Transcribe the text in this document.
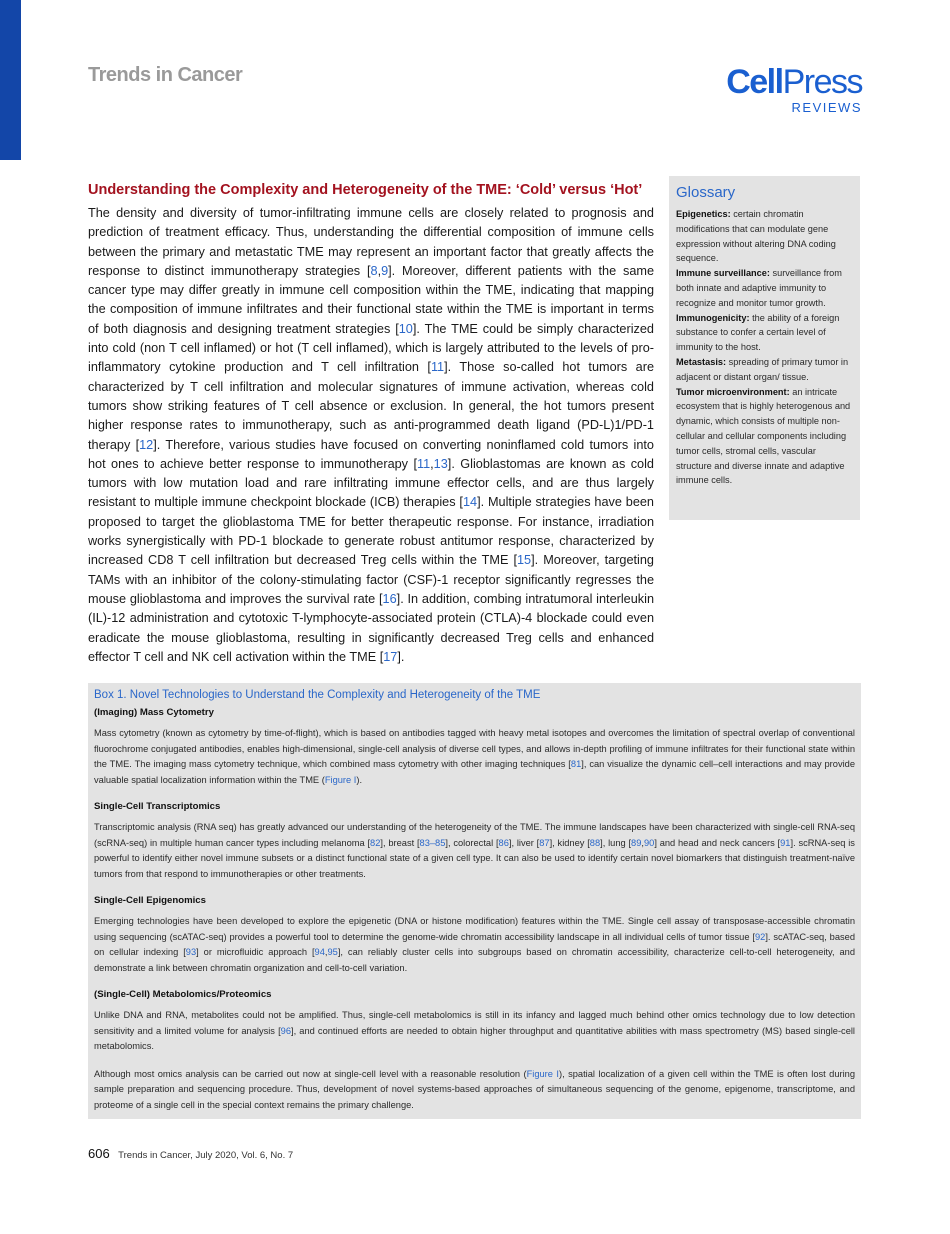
Trends in Cancer	CellPress
REVIEWS
Understanding the Complexity and Heterogeneity of the TME: ‘Cold’ versus ‘Hot’

The density and diversity of tumor-infiltrating immune cells are closely related to prognosis and prediction of treatment efficacy. Thus, understanding the differential composition of immune cells between the primary and metastatic TME may represent an important factor that greatly affects the response to distinct immunotherapy strategies [8,9]. Moreover, different patients with the same cancer type may differ greatly in immune cell composition within the TME, indicating that mapping the composition of immune infiltrates and their functional state within the TME is important in terms of both diagnosis and designing treatment strategies [10]. The TME could be simply characterized into cold (non T cell inflamed) or hot (T cell inflamed), which is largely attributed to the levels of pro-inflammatory cytokine production and T cell infiltration [11]. Those so-called hot tumors are characterized by T cell infiltration and molecular signatures of immune activation, whereas cold tumors show striking features of T cell absence or exclusion. In general, the hot tumors present higher response rates to immunotherapy, such as anti-programmed death ligand (PD-L)1/PD-1 therapy [12]. Therefore, various studies have focused on converting noninflamed cold tumors into hot ones to achieve better response to immunotherapy [11,13]. Glioblastomas are known as cold tumors with low mutation load and rare infiltrating immune effector cells, and are thus largely resistant to multiple immune checkpoint blockade (ICB) therapies [14]. Multiple strategies have been proposed to target the glioblastoma TME for better therapeutic response. For instance, irradiation works synergistically with PD-1 blockade to generate robust antitumor response, characterized by increased CD8 T cell infiltration but decreased Treg cells within the TME [15]. Moreover, targeting TAMs with an inhibitor of the colony-stimulating factor (CSF)-1 receptor significantly regresses the mouse glioblastoma and improves the survival rate [16]. In addition, combing intratumoral interleukin (IL)-12 administration and cytotoxic T-lymphocyte-associated protein (CTLA)-4 blockade could even eradicate the mouse glioblastoma, resulting in significantly decreased Treg cells and enhanced effector T cell and NK cell activation within the TME [17].

Glossary
Epigenetics: certain chromatin modifications that can modulate gene expression without altering DNA coding sequence.
Immune surveillance: surveillance from both innate and adaptive immunity to recognize and monitor tumor growth.
Immunogenicity: the ability of a foreign substance to confer a certain level of immunity to the host.
Metastasis: spreading of primary tumor in adjacent or distant organ/ tissue.
Tumor microenvironment: an intricate ecosystem that is highly heterogenous and dynamic, which consists of multiple non-cellular and cellular components including tumor cells, stromal cells, vascular structure and diverse innate and adaptive immune cells.
Box 1. Novel Technologies to Understand the Complexity and Heterogeneity of the TME
(Imaging) Mass Cytometry
Mass cytometry (known as cytometry by time-of-flight), which is based on antibodies tagged with heavy metal isotopes and overcomes the limitation of spectral overlap of conventional fluorochrome conjugated antibodies, enables high-dimensional, single-cell analysis of diverse cell types, and allows in-depth profiling of immune infiltrates for their functional state within the TME. The imaging mass cytometry technique, which combined mass cytometry with other imaging techniques [81], can visualize the dynamic cell–cell interactions and may provide valuable spatial localization information within the TME (Figure I).
Single-Cell Transcriptomics
Transcriptomic analysis (RNA seq) has greatly advanced our understanding of the heterogeneity of the TME. The immune landscapes have been characterized with single-cell RNA-seq (scRNA-seq) in multiple human cancer types including melanoma [82], breast [83–85], colorectal [86], liver [87], kidney [88], lung [89,90] and head and neck cancers [91]. scRNA-seq is powerful to identify either novel immune subsets or a distinct functional state of a given cell type. It can also be used to identify certain novel biomarkers that distinguish treatment-naïve tumors from that respond to immunotherapies or other treatments.
Single-Cell Epigenomics
Emerging technologies have been developed to explore the epigenetic (DNA or histone modification) features within the TME. Single cell assay of transposase-accessible chromatin using sequencing (scATAC-seq) provides a powerful tool to determine the genome-wide chromatin accessibility landscape in all individual cells of tumor tissue [92]. scATAC-seq, based on cellular indexing [93] or microfluidic approach [94,95], can reliably cluster cells into subgroups based on chromatin accessibility, characterize cell-to-cell heterogeneity, and demonstrate a link between chromatin organization and cell-to-cell variation.
(Single-Cell) Metabolomics/Proteomics
Unlike DNA and RNA, metabolites could not be amplified. Thus, single-cell metabolomics is still in its infancy and lagged much behind other omics technology due to low detection sensitivity and a limited volume for analysis [96], and continued efforts are needed to obtain higher throughput and quantitative abilities with mass spectrometry (MS) based single-cell metabolomics.
Although most omics analysis can be carried out now at single-cell level with a reasonable resolution (Figure I), spatial localization of a given cell within the TME is often lost during sample preparation and sequencing procedure. Thus, development of novel systems-based approaches of simultaneous sequencing of the genome, epigenome, transcriptome, and proteome of a single cell in the special context remains the primary challenge.
606 Trends in Cancer, July 2020, Vol. 6, No. 7
